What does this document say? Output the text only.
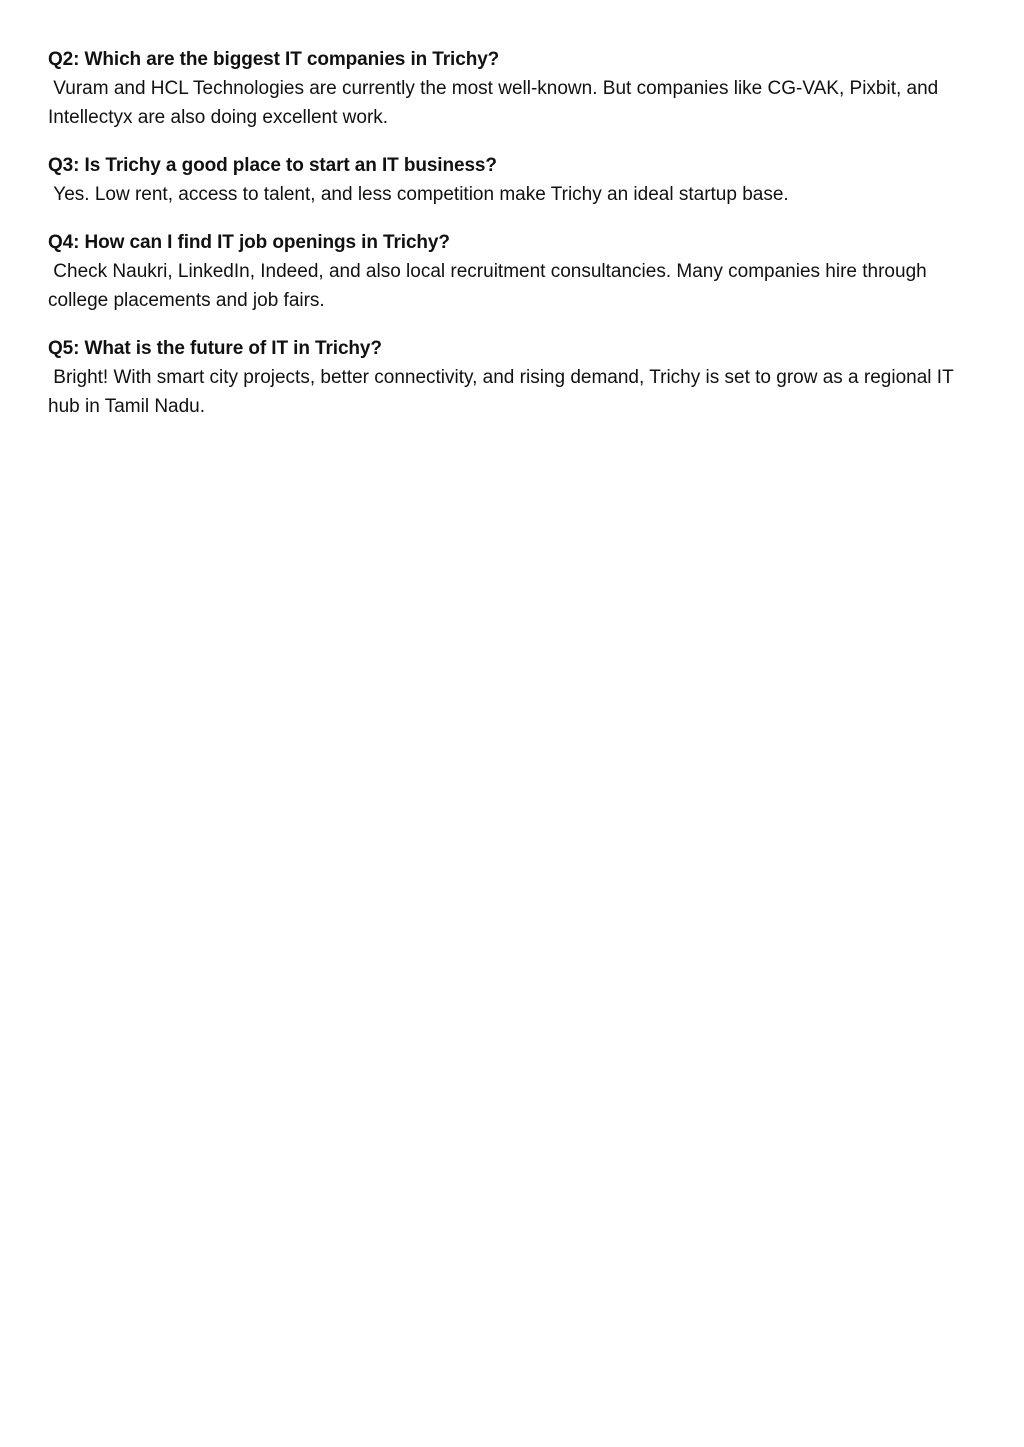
Q2: Which are the biggest IT companies in Trichy?

Vuram and HCL Technologies are currently the most well-known. But companies like CG-VAK, Pixbit, and Intellectyx are also doing excellent work.

Q3: Is Trichy a good place to start an IT business?

Yes. Low rent, access to talent, and less competition make Trichy an ideal startup base.

Q4: How can I find IT job openings in Trichy?

Check Naukri, LinkedIn, Indeed, and also local recruitment consultancies. Many companies hire through college placements and job fairs.

Q5: What is the future of IT in Trichy?

Bright! With smart city projects, better connectivity, and rising demand, Trichy is set to grow as a regional IT hub in Tamil Nadu.
